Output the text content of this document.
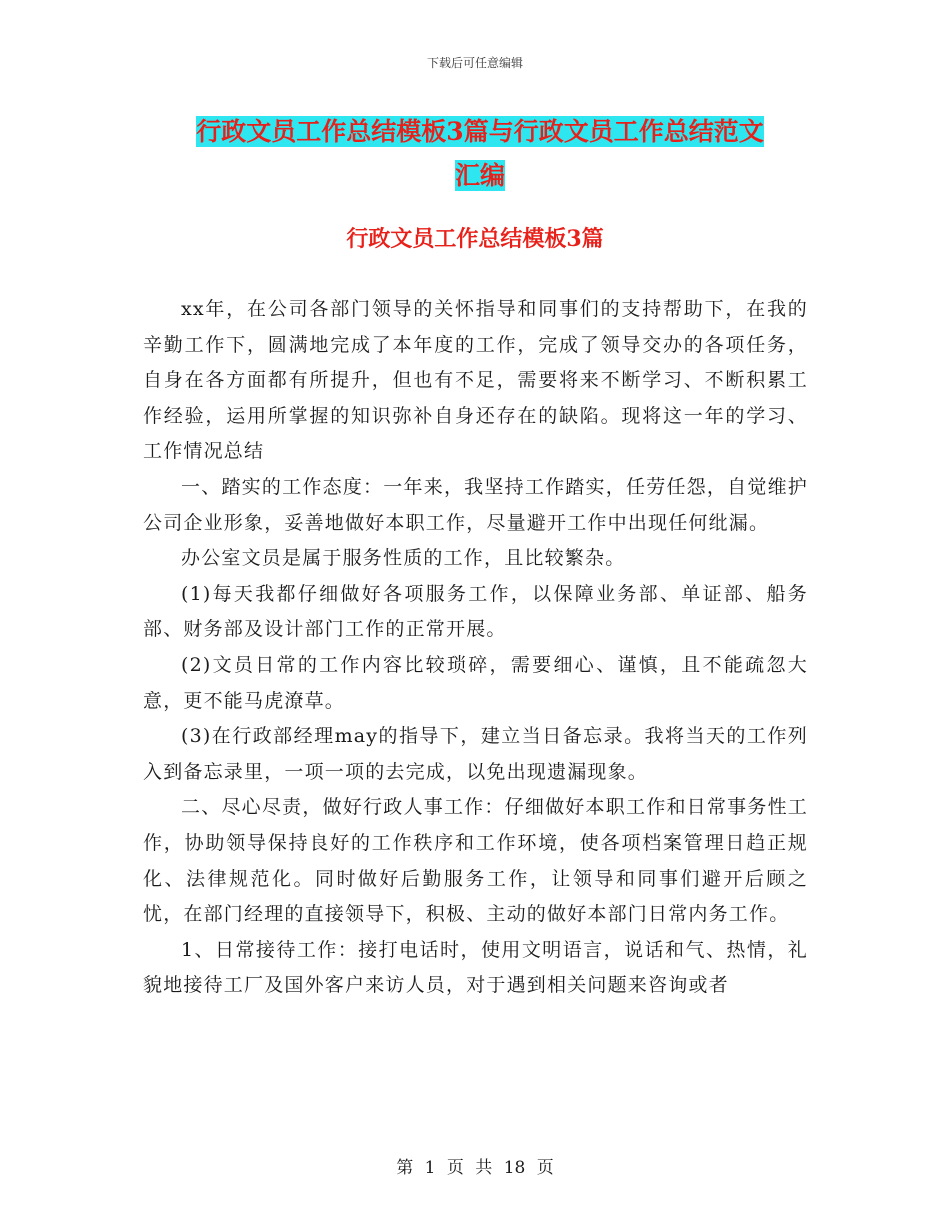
下载后可任意编辑
行政文员工作总结模板3篇与行政文员工作总结范文
汇编
行政文员工作总结模板3篇

xx年，在公司各部门领导的关怀指导和同事们的支持帮助下，在我的辛勤工作下，圆满地完成了本年度的工作，完成了领导交办的各项任务，自身在各方面都有所提升，但也有不足，需要将来不断学习、不断积累工作经验，运用所掌握的知识弥补自身还存在的缺陷。现将这一年的学习、工作情况总结

一、踏实的工作态度：一年来，我坚持工作踏实，任劳任怨，自觉维护公司企业形象，妥善地做好本职工作，尽量避开工作中出现任何纰漏。

办公室文员是属于服务性质的工作，且比较繁杂。

(1)每天我都仔细做好各项服务工作，以保障业务部、单证部、船务部、财务部及设计部门工作的正常开展。

(2)文员日常的工作内容比较琐碎，需要细心、谨慎，且不能疏忽大意，更不能马虎潦草。

(3)在行政部经理may的指导下，建立当日备忘录。我将当天的工作列入到备忘录里，一项一项的去完成，以免出现遗漏现象。

二、尽心尽责，做好行政人事工作：仔细做好本职工作和日常事务性工作，协助领导保持良好的工作秩序和工作环境，使各项档案管理日趋正规化、法律规范化。同时做好后勤服务工作，让领导和同事们避开后顾之忧，在部门经理的直接领导下，积极、主动的做好本部门日常内务工作。

1、日常接待工作：接打电话时，使用文明语言，说话和气、热情，礼貌地接待工厂及国外客户来访人员，对于遇到相关问题来咨询或者

第 1 页 共 18 页
